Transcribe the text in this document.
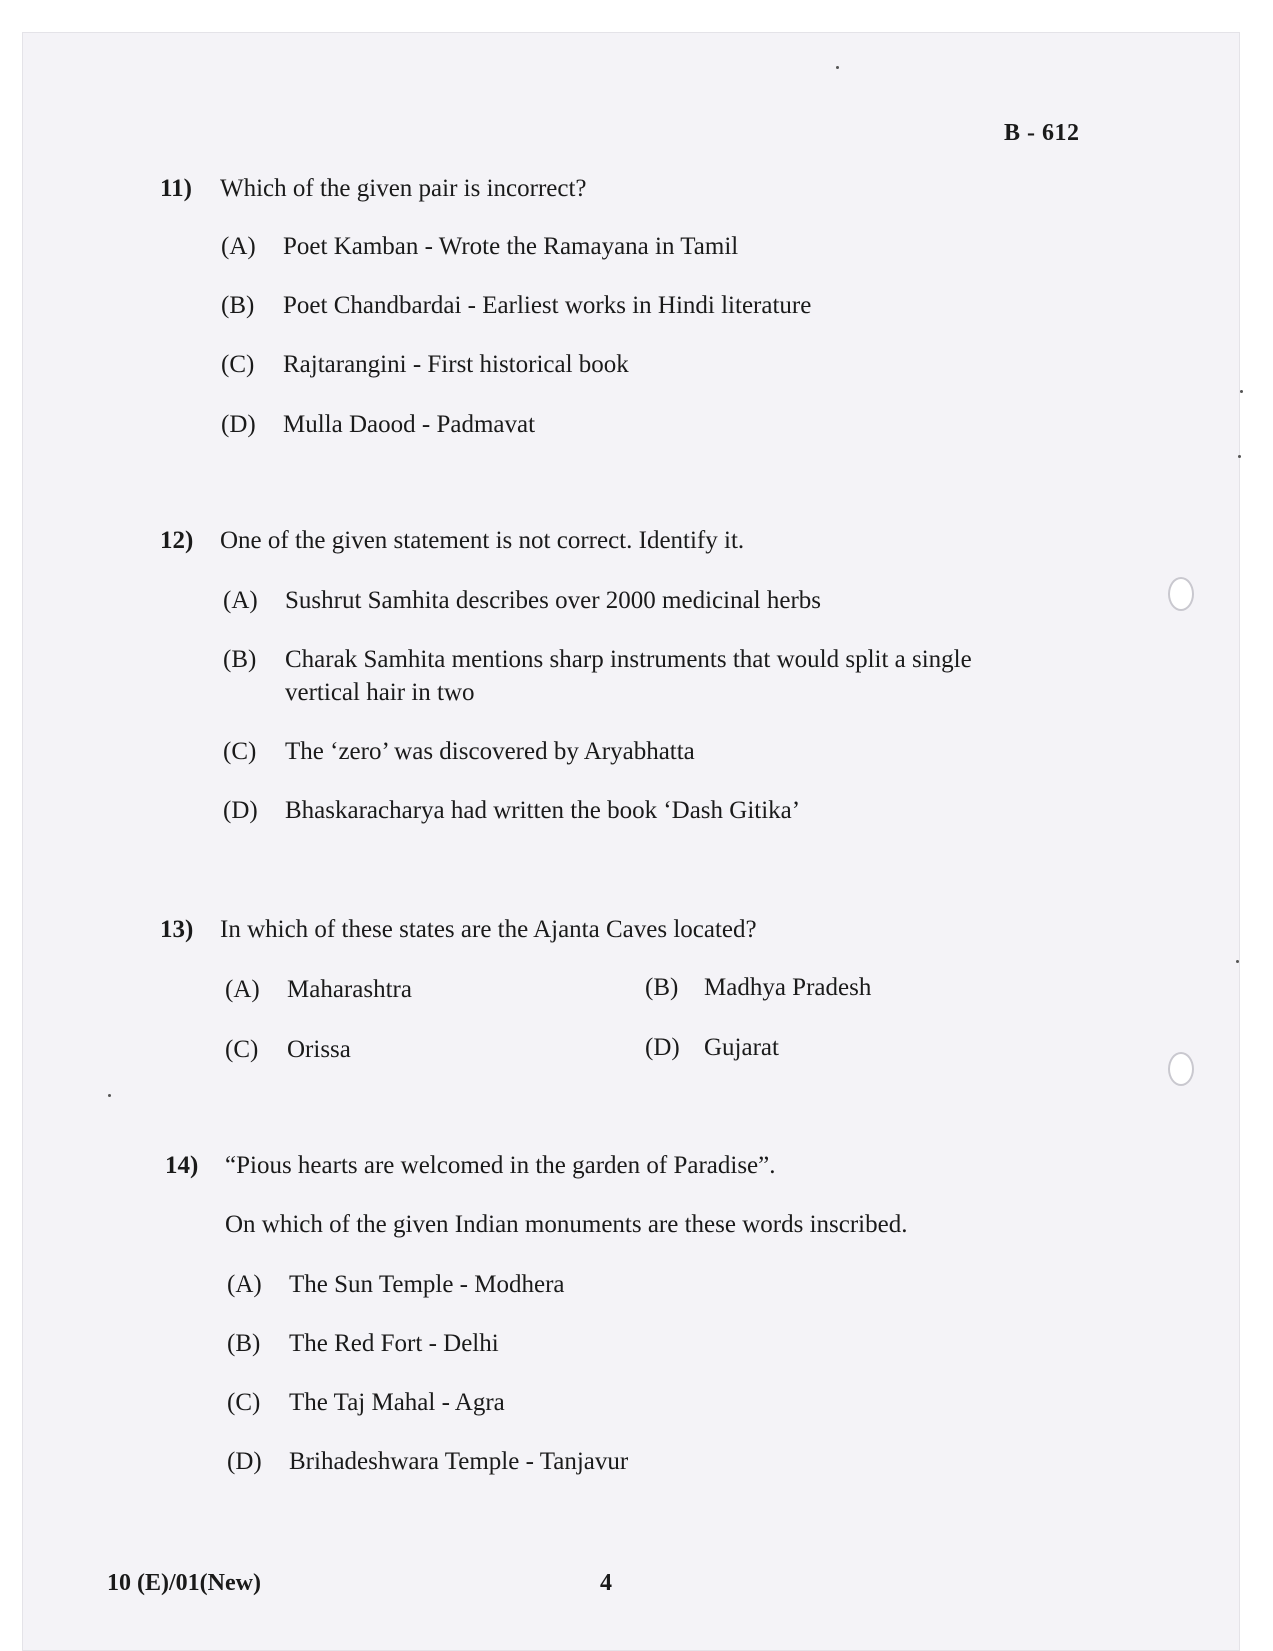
B - 612
11) Which of the given pair is incorrect?
(A) Poet Kamban - Wrote the Ramayana in Tamil
(B) Poet Chandbardai - Earliest works in Hindi literature
(C) Rajtarangini - First historical book
(D) Mulla Daood - Padmavat
12) One of the given statement is not correct. Identify it.
(A) Sushrut Samhita describes over 2000 medicinal herbs
(B) Charak Samhita mentions sharp instruments that would split a single vertical hair in two
(C) The ‘zero’ was discovered by Aryabhatta
(D) Bhaskaracharya had written the book ‘Dash Gitika’
13) In which of these states are the Ajanta Caves located?
(A) Maharashtra	(B) Madhya Pradesh
(C) Orissa	(D) Gujarat
14) “Pious hearts are welcomed in the garden of Paradise”.
On which of the given Indian monuments are these words inscribed.
(A) The Sun Temple - Modhera
(B) The Red Fort - Delhi
(C) The Taj Mahal - Agra
(D) Brihadeshwara Temple - Tanjavur
10 (E)/01(New)	4
